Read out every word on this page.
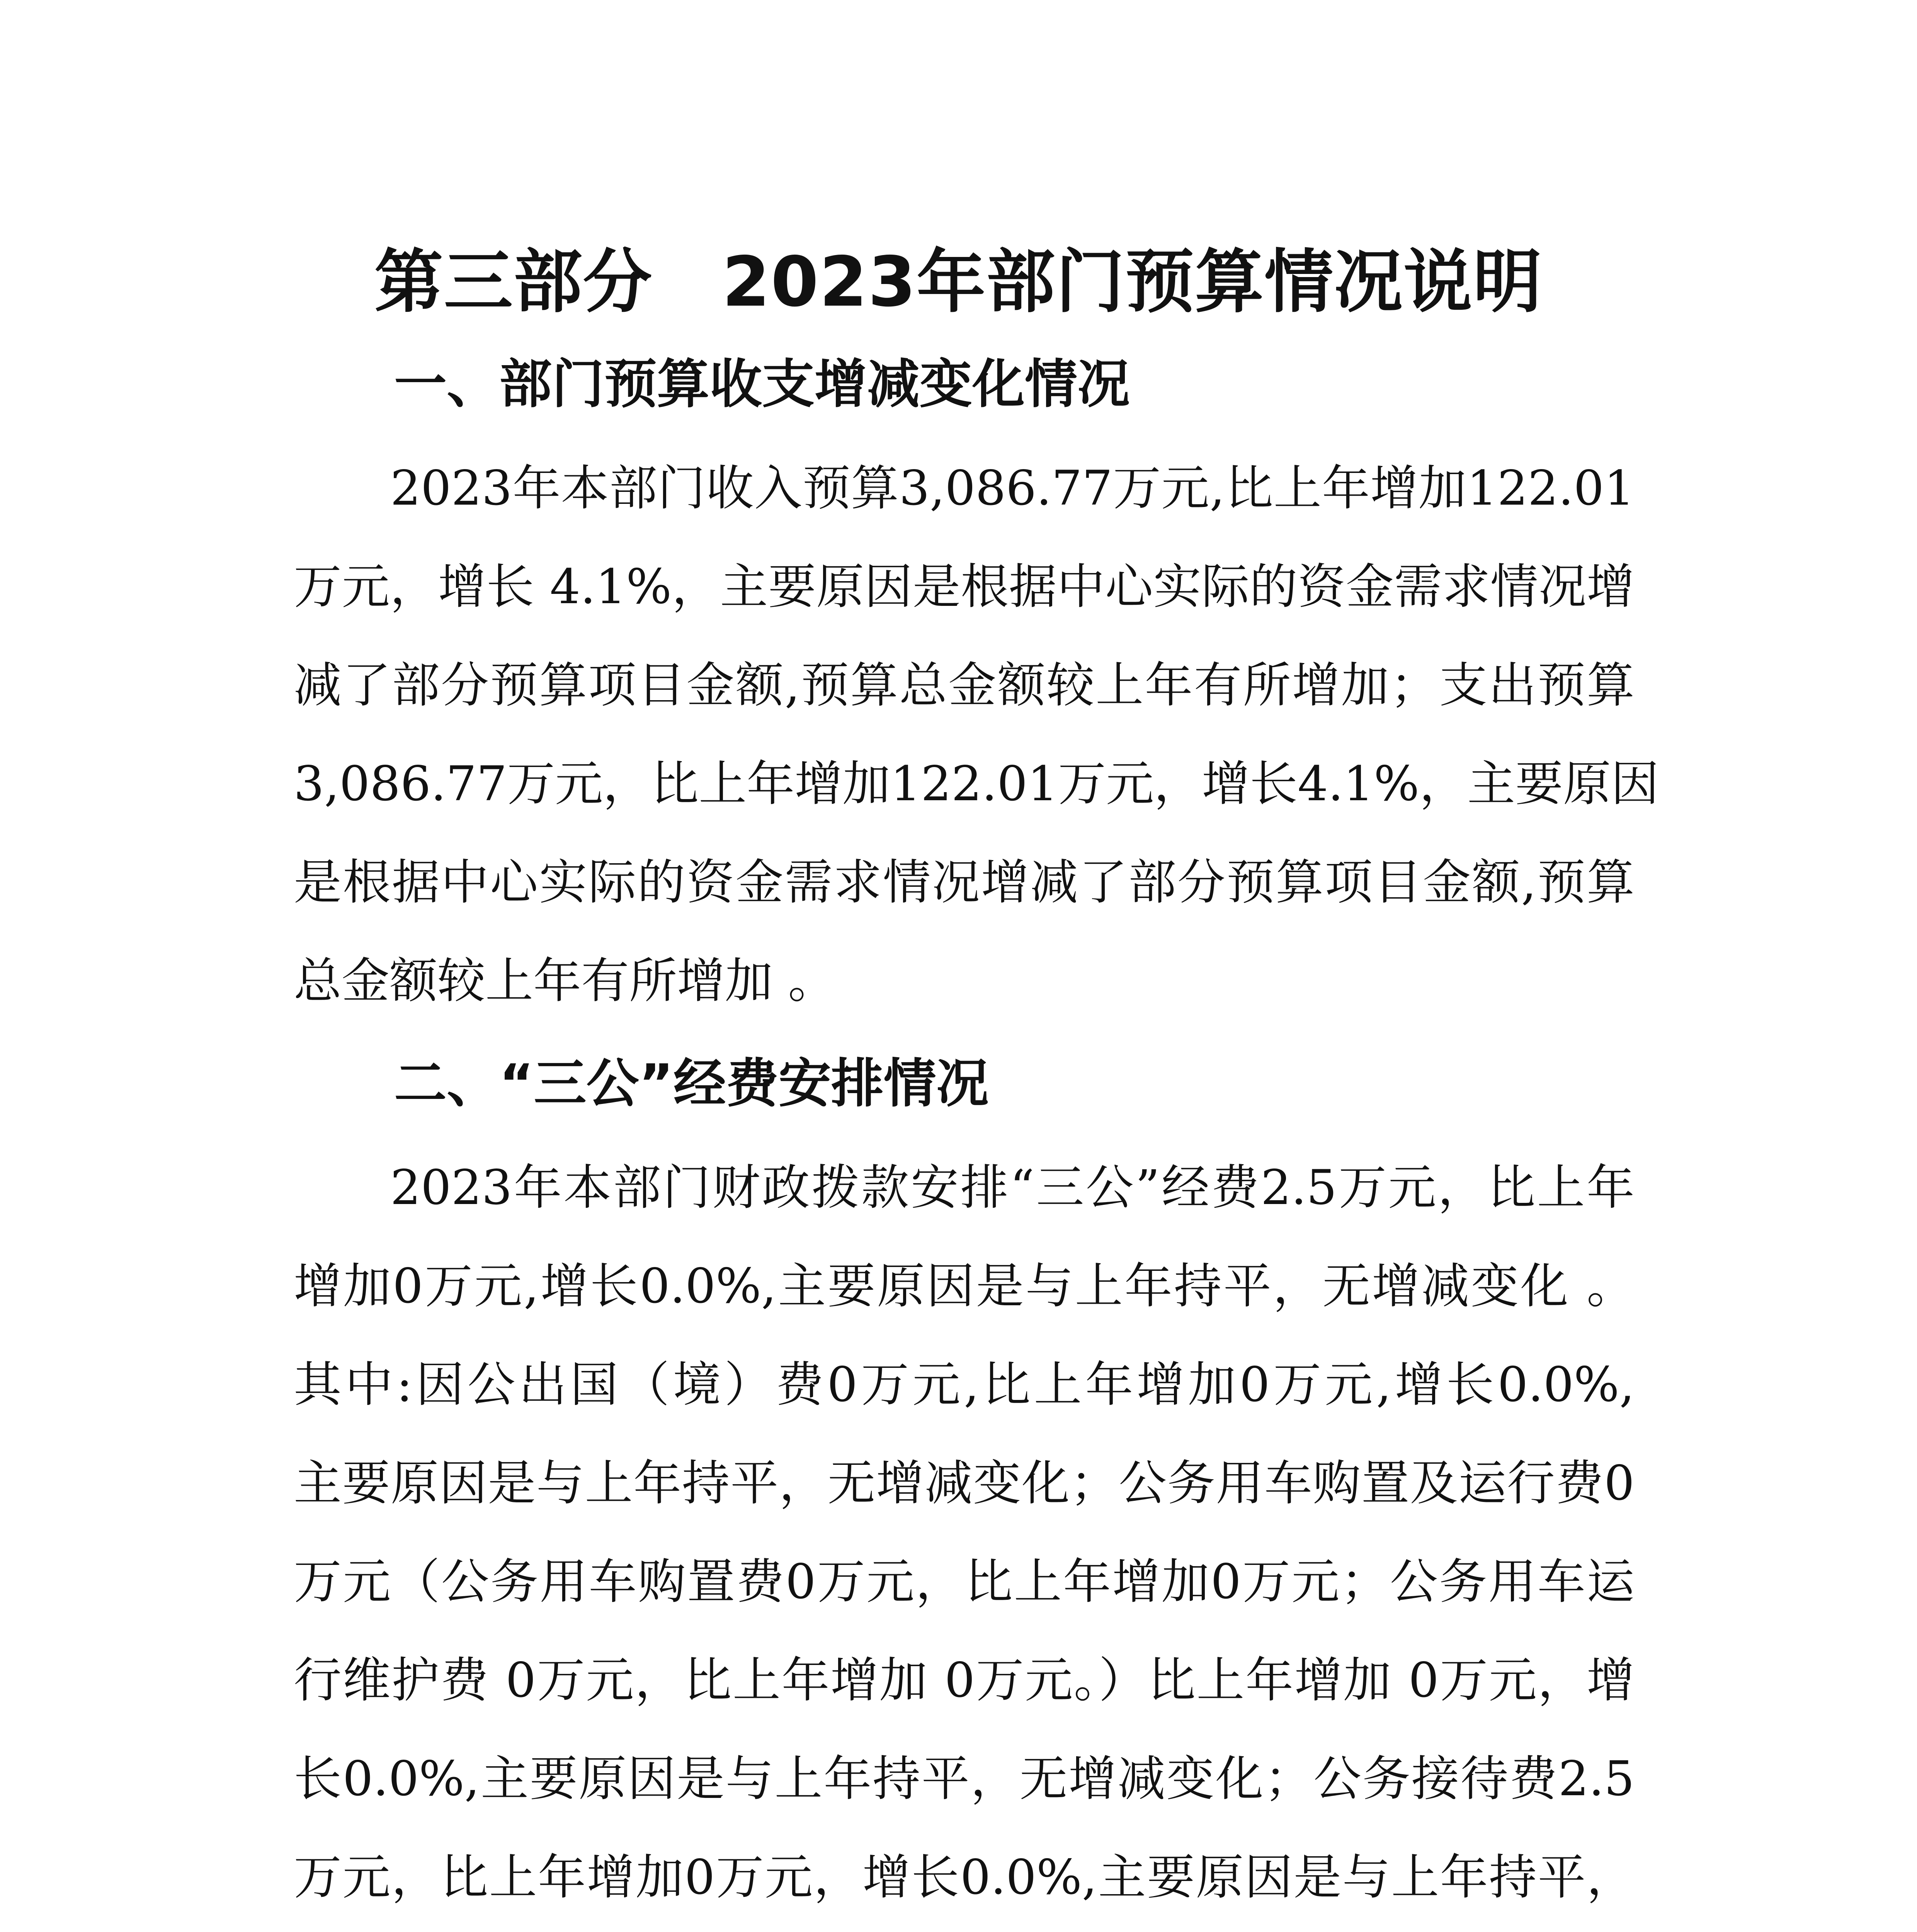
第三部分 2023年部门预算情况说明
一、部门预算收支增减变化情况
2023年本部门收入预算3,086.77万元,比上年增加122.01
万元，增长 4.1%，主要原因是根据中心实际的资金需求情况增
减了部分预算项目金额,预算总金额较上年有所增加；支出预算
3,086.77万元，比上年增加122.01万元，增长4.1%，主要原因
是根据中心实际的资金需求情况增减了部分预算项目金额,预算
总金额较上年有所增加 。
二、“三公”经费安排情况
2023年本部门财政拨款安排“三公”经费2.5万元，比上年
增加0万元,增长0.0%,主要原因是与上年持平，无增减变化 。
其中:因公出国（境）费0万元,比上年增加0万元,增长0.0%,
主要原因是与上年持平，无增减变化；公务用车购置及运行费0
万元（公务用车购置费0万元，比上年增加0万元；公务用车运
行维护费 0万元，比上年增加 0万元。）比上年增加 0万元，增
长0.0%,主要原因是与上年持平，无增减变化；公务接待费2.5
万元，比上年增加0万元，增长0.0%,主要原因是与上年持平，
